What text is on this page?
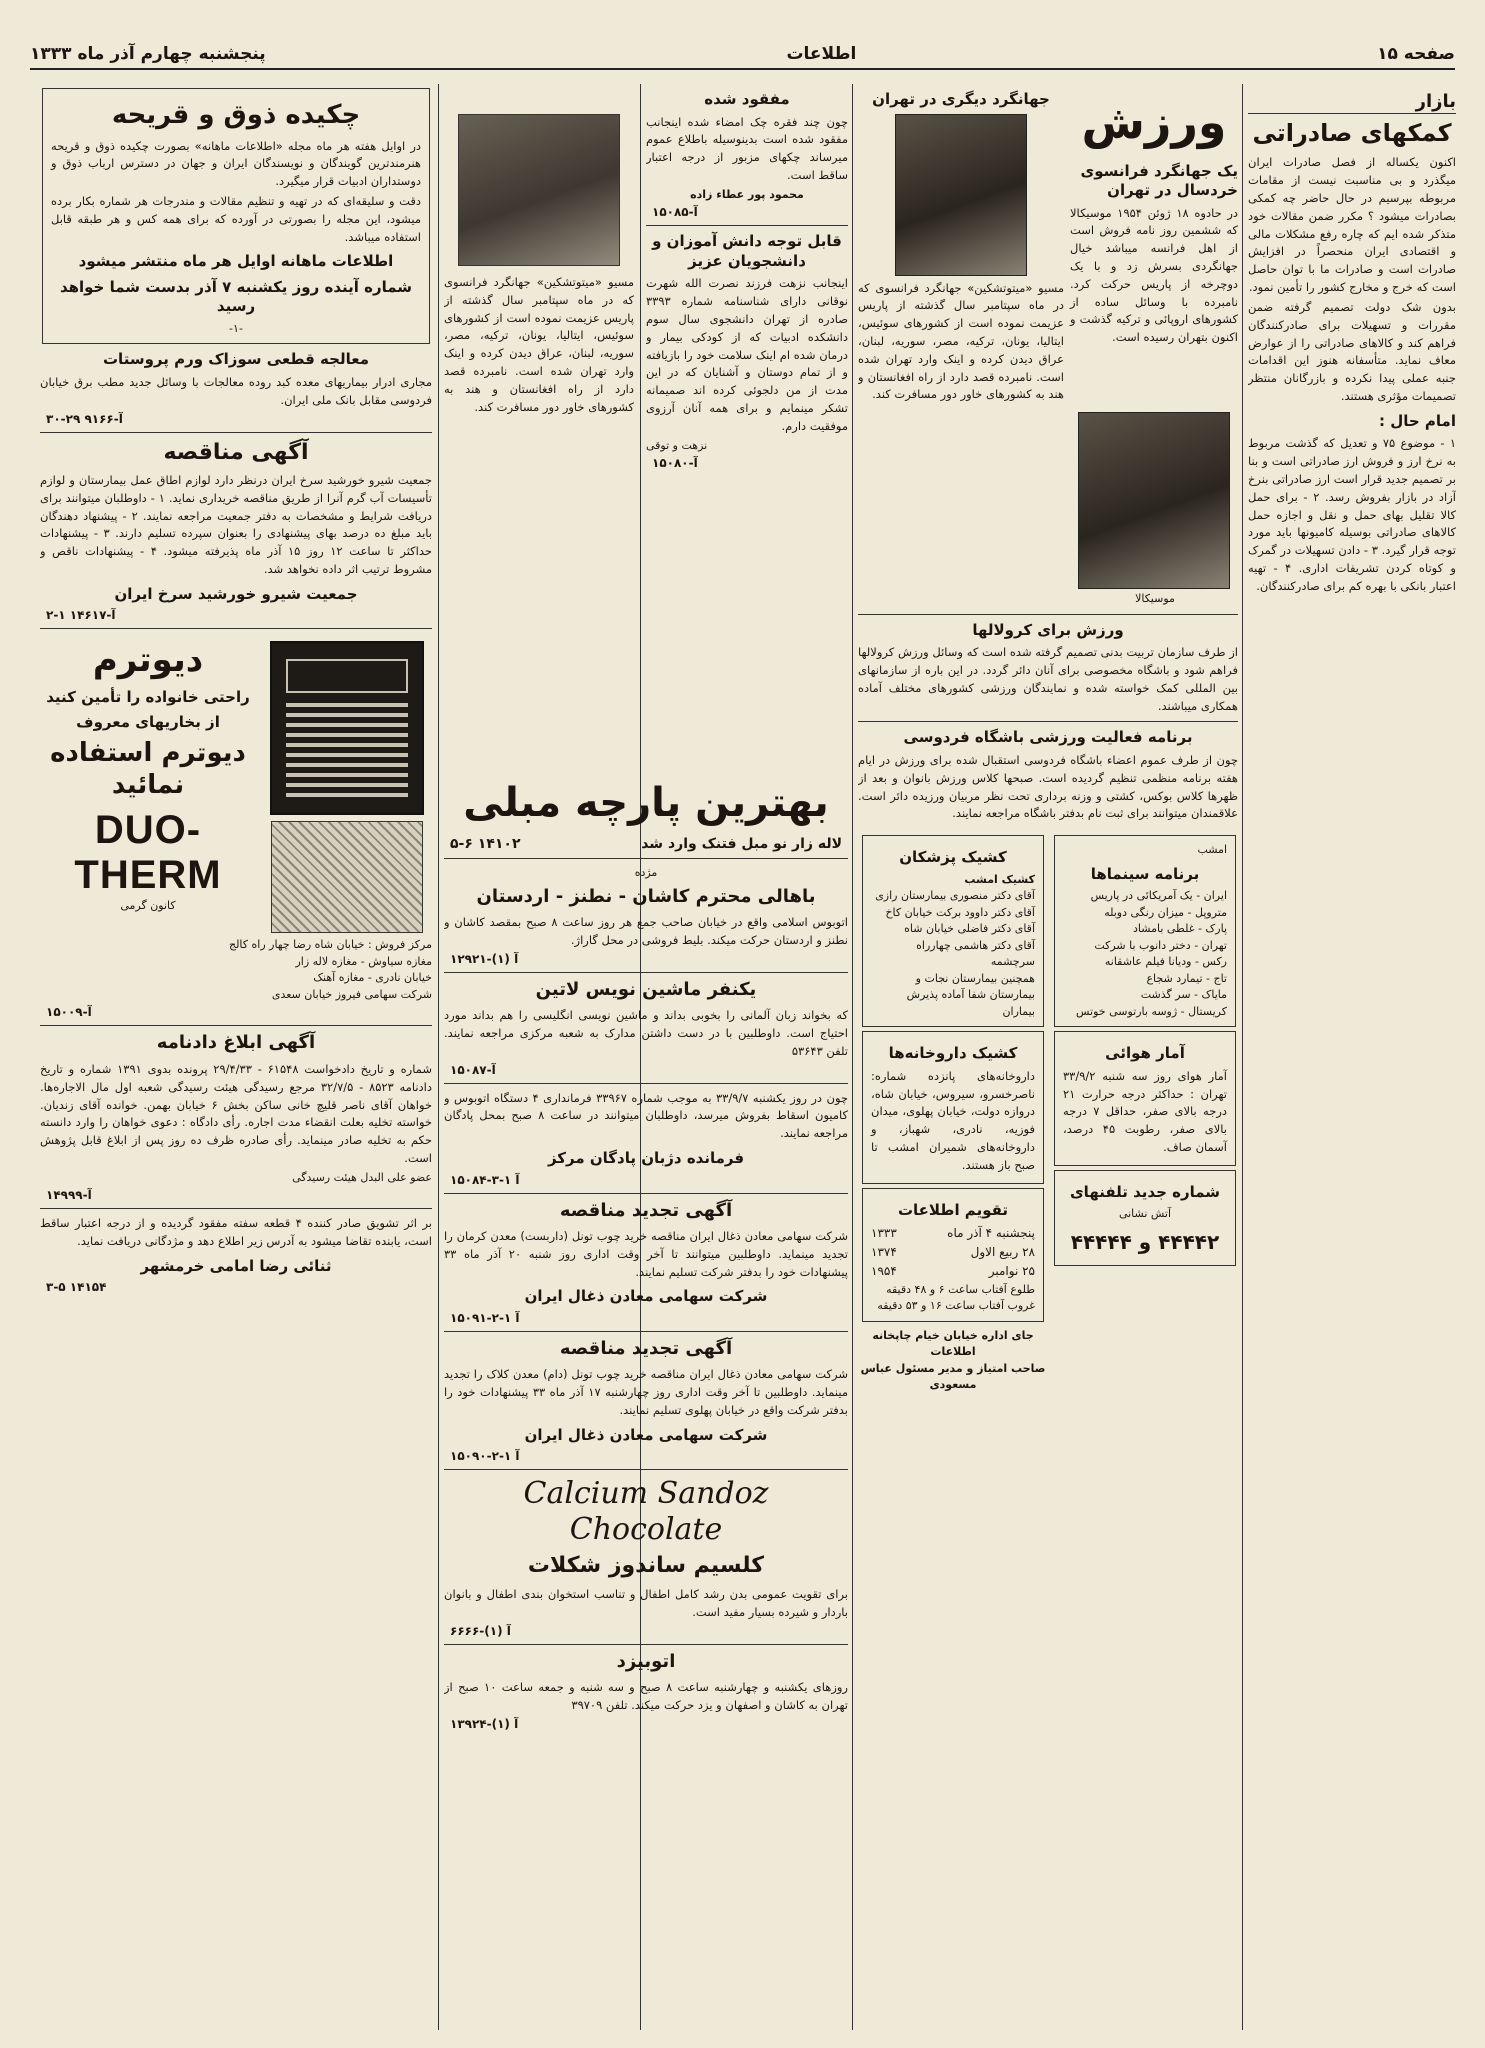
صفحه ۱۵
اطلاعات
پنجشنبه چهارم آذر ماه ۱۳۳۳
بازار
کمکهای صادراتی

اکنون یکساله از فصل صادرات ایران میگذرد و بی مناسبت نیست از مقامات مربوطه بپرسیم در حال حاضر چه کمکی بصادرات میشود ؟ مکرر ضمن مقالات خود متذکر شده ایم که چاره رفع مشکلات مالی و اقتصادی ایران منحصراً در افزایش صادرات است و صادرات ما با توان حاصل است که خرج و مخارج کشور را تأمین نمود.

بدون شک دولت تصمیم گرفته ضمن مقررات و تسهیلات برای صادرکنندگان فراهم کند و کالاهای صادراتی را از عوارض معاف نماید. متأسفانه هنوز این اقدامات جنبه عملی پیدا نکرده و بازرگانان منتظر تصمیمات مؤثری هستند.

امام حال :

۱ - موضوع ۷۵ و تعدیل که گذشت مربوط به نرخ ارز و فروش ارز صادراتی است و بنا بر تصمیم جدید قرار است ارز صادراتی بنرخ آزاد در بازار بفروش رسد. ۲ - برای حمل کالا تقلیل بهای حمل و نقل و اجازه حمل کالاهای صادراتی بوسیله کامیونها باید مورد توجه قرار گیرد. ۳ - دادن تسهیلات در گمرک و کوتاه کردن تشریفات اداری. ۴ - تهیه اعتبار بانکی با بهره کم برای صادرکنندگان.

ورزش
یک جهانگرد فرانسوی خردسال در تهران

در حادوه ۱۸ ژوئن ۱۹۵۴ موسیکالا که ششمین روز نامه فروش است از اهل فرانسه میباشد خیال جهانگردی بسرش زد و با یک دوچرخه از پاریس حرکت کرد. نامبرده با وسائل ساده از کشورهای اروپائی و ترکیه گذشت و اکنون بتهران رسیده است.

جهانگرد دیگری در تهران

مسیو «میتوتشکین» جهانگرد فرانسوی که در ماه سپتامبر سال گذشته از پاریس عزیمت نموده است از کشورهای سوئیس، ایتالیا، یونان، ترکیه، مصر، سوریه، لبنان، عراق دیدن کرده و اینک وارد تهران شده است. نامبرده قصد دارد از راه افغانستان و هند به کشورهای خاور دور مسافرت کند.

موسیکالا
ورزش برای کرولالها

از طرف سازمان تربیت بدنی تصمیم گرفته شده است که وسائل ورزش کرولالها فراهم شود و باشگاه مخصوصی برای آنان دائر گردد. در این باره از سازمانهای بین المللی کمک خواسته شده و نمایندگان ورزشی کشورهای مختلف آماده همکاری میباشند.

برنامه فعالیت ورزشی باشگاه فردوسی

چون از طرف عموم اعضاء باشگاه فردوسی استقبال شده برای ورزش در ایام هفته برنامه منظمی تنظیم گردیده است. صبحها کلاس ورزش بانوان و بعد از ظهرها کلاس بوکس، کشتی و وزنه برداری تحت نظر مربیان ورزیده دائر است. علاقمندان میتوانند برای ثبت نام بدفتر باشگاه مراجعه نمایند.

امشب
برنامه سینماها
ایران - یک آمریکائی در پاریس
متروپل - میزان رنگی دوبله
پارک - غلطی بامشاد
تهران - دختر دانوب با شرکت
رکس - ودیانا فیلم عاشقانه
تاج - تیمارد شجاع
مایاک - سر گذشت
کریستال - ژوسه بارتوسی خوتس
آمار هوائی

آمار هوای روز سه شنبه ۳۳/۹/۲ تهران : حداکثر درجه حرارت ۲۱ درجه بالای صفر، حداقل ۷ درجه بالای صفر، رطوبت ۴۵ درصد، آسمان صاف.

شماره جدید تلفنهای
آتش نشانی
۴۴۴۴۲ و ۴۴۴۴۴
کشیک پزشکان
کشیک امشب
آقای دکتر منصوری بیمارستان رازی
آقای دکتر داوود برکت خیابان کاخ
آقای دکتر فاضلی خیابان شاه
آقای دکتر هاشمی چهارراه سرچشمه
همچنین بیمارستان نجات و بیمارستان شفا آماده پذیرش بیماران
کشیک داروخانه‌ها

داروخانه‌های پانزده شماره: ناصرخسرو، سیروس، خیابان شاه، دروازه دولت، خیابان پهلوی، میدان فوزیه، نادری، شهباز، و داروخانه‌های شمیران امشب تا صبح باز هستند.

تقویم اطلاعات
پنجشنبه ۴ آذر ماه
۱۳۳۳
۲۸ ربیع الاول
۱۳۷۴
۲۵ نوامبر
۱۹۵۴
طلوع آفتاب ساعت ۶ و ۴۸ دقیقه
غروب آفتاب ساعت ۱۶ و ۵۳ دقیقه
جای اداره خیابان خیام چاپخانه اطلاعات
صاحب امتیاز و مدیر مسئول عباس مسعودی
مفقود شده

چون چند فقره چک امضاء شده اینجانب مفقود شده است بدینوسیله باطلاع عموم میرساند چکهای مزبور از درجه اعتبار ساقط است.

محمود پور عطاء زاده
۱۵۰۸۵-آ
قابل توجه دانش آموزان و دانشجویان عزیز

اینجانب نزهت فرزند نصرت الله شهرت نوقانی دارای شناسنامه شماره ۳۳۹۳ صادره از تهران دانشجوی سال سوم دانشکده ادبیات که از کودکی بیمار و درمان شده ام اینک سلامت خود را بازیافته و از تمام دوستان و آشنایان که در این مدت از من دلجوئی کرده اند صمیمانه تشکر مینمایم و برای همه آنان آرزوی موفقیت دارم.

نزهت و توقی
۱۵۰۸۰-آ
بهترین پارچه مبلی
لاله زار نو مبل فتنک وارد شد
۱۴۱۰۲ ۵-۶
مژده
باهالی محترم کاشان - نطنز - اردستان

اتوبوس اسلامی واقع در خیابان صاحب جمع هر روز ساعت ۸ صبح بمقصد کاشان و نطنز و اردستان حرکت میکند. بلیط فروشی در محل گاراژ.

۱۲۹۲۱-آ (۱)
یکنفر ماشین نویس لاتین

که بخواند زبان آلمانی را بخوبی بداند و ماشین نویسی انگلیسی را هم بداند مورد احتیاج است. داوطلبین با در دست داشتن مدارک به شعبه مرکزی مراجعه نمایند. تلفن ۵۳۶۴۳

۱۵۰۸۷-آ

چون در روز یکشنبه ۳۳/۹/۷ به موجب شماره ۳۳۹۶۷ فرمانداری ۴ دستگاه اتوبوس و کامیون اسقاط بفروش میرسد، داوطلبان میتوانند در ساعت ۸ صبح بمحل پادگان مراجعه نمایند.

فرمانده دژبان پادگان مرکز
۱۵۰۸۴-آ ۱-۳
آگهی تجدید مناقصه

شرکت سهامی معادن ذغال ایران مناقصه خرید چوب تونل (داربست) معدن کرمان را تجدید مینماید. داوطلبین میتوانند تا آخر وقت اداری روز شنبه ۲۰ آذر ماه ۳۳ پیشنهادات خود را بدفتر شرکت تسلیم نمایند.

شرکت سهامی معادن ذغال ایران
۱۵۰۹۱-آ ۱-۲
آگهی تجدید مناقصه

شرکت سهامی معادن ذغال ایران مناقصه خرید چوب تونل (دام) معدن کلاک را تجدید مینماید. داوطلبین تا آخر وقت اداری روز چهارشنبه ۱۷ آذر ماه ۳۳ پیشنهادات خود را بدفتر شرکت واقع در خیابان پهلوی تسلیم نمایند.

شرکت سهامی معادن ذغال ایران
۱۵۰۹۰-آ ۱-۲
Calcium Sandoz
Chocolate
کلسیم ساندوز شکلات

برای تقویت عمومی بدن رشد کامل اطفال و تناسب استخوان بندی اطفال و بانوان باردار و شیرده بسیار مفید است.

۶۶۶۶-آ (۱)
اتوبیزد

روزهای یکشنبه و چهارشنبه ساعت ۸ صبح و سه شنبه و جمعه ساعت ۱۰ صبح از تهران به کاشان و اصفهان و یزد حرکت میکند. تلفن ۳۹۷۰۹

۱۳۹۲۴-آ (۱)

مسیو «میتوتشکین» جهانگرد فرانسوی که در ماه سپتامبر سال گذشته از پاریس عزیمت نموده است از کشورهای سوئیس، ایتالیا، یونان، ترکیه، مصر، سوریه، لبنان، عراق دیدن کرده و اینک وارد تهران شده است. نامبرده قصد دارد از راه افغانستان و هند به کشورهای خاور دور مسافرت کند.

چکیده ذوق و قریحه

در اوایل هفته هر ماه مجله «اطلاعات ماهانه» بصورت چکیده ذوق و قریحه هنرمندترین گویندگان و نویسندگان ایران و جهان در دسترس ارباب ذوق و دوستداران ادبیات قرار میگیرد.

دقت و سلیقه‌ای که در تهیه و تنظیم مقالات و مندرجات هر شماره بکار برده میشود، این مجله را بصورتی در آورده که برای همه کس و هر طبقه قابل استفاده میباشد.

اطلاعات ماهانه اوایل هر ماه منتشر میشود
شماره آینده روز یکشنبه ۷ آذر بدست شما خواهد رسید
-۱-
معالجه قطعی سوزاک ورم پروستات

مجاری ادرار بیماریهای معده کبد روده معالجات با وسائل جدید مطب برق خیابان فردوسی مقابل بانک ملی ایران.

۳۰-۲۹ ۹۱۶۶-آ
آگهی مناقصه

جمعیت شیرو خورشید سرخ ایران درنظر دارد لوازم اطاق عمل بیمارستان و لوازم تأسیسات آب گرم آنرا از طریق مناقصه خریداری نماید. ۱ - داوطلبان میتوانند برای دریافت شرایط و مشخصات به دفتر جمعیت مراجعه نمایند. ۲ - پیشنهاد دهندگان باید مبلغ ده درصد بهای پیشنهادی را بعنوان سپرده تسلیم دارند. ۳ - پیشنهادات حداکثر تا ساعت ۱۲ روز ۱۵ آذر ماه پذیرفته میشود. ۴ - پیشنهادات ناقص و مشروط ترتیب اثر داده نخواهد شد.

جمعیت شیرو خورشید سرخ ایران
۲-۱ ۱۴۶۱۷-آ
دیوترم
راحتی خانواده را تأمین کنید
از بخاریهای معروف
دیوترم استفاده نمائید
DUO-THERM
کانون گرمی
مرکز فروش : خیابان شاه رضا چهار راه کالج
مغازه سیاوش - مغازه لاله زار
خیابان نادری - مغازه آهنک
شرکت سهامی فیروز خیابان سعدی
۱۵۰۰۹-آ
آگهی ابلاغ دادنامه

شماره و تاریخ دادخواست ۶۱۵۴۸ - ۲۹/۴/۳۳ پرونده بدوی ۱۳۹۱ شماره و تاریخ دادنامه ۸۵۲۳ - ۳۲/۷/۵ مرجع رسیدگی هیئت رسیدگی شعبه اول مال الاجاره‌ها. خواهان آقای ناصر قلیچ خانی ساکن بخش ۶ خیابان بهمن. خوانده آقای زندیان. خواسته تخلیه بعلت انقضاء مدت اجاره. رأی دادگاه : دعوی خواهان را وارد دانسته حکم به تخلیه صادر مینماید. رأی صادره ظرف ده روز پس از ابلاغ قابل پژوهش است.

عضو علی البدل هیئت رسیدگی
۱۴۹۹۹-آ

بر اثر تشویق صادر کننده ۴ قطعه سفته مفقود گردیده و از درجه اعتبار ساقط است، یابنده تقاضا میشود به آدرس زیر اطلاع دهد و مژدگانی دریافت نماید.

ثنائی رضا امامی خرمشهر
۳-۵ ۱۴۱۵۴
